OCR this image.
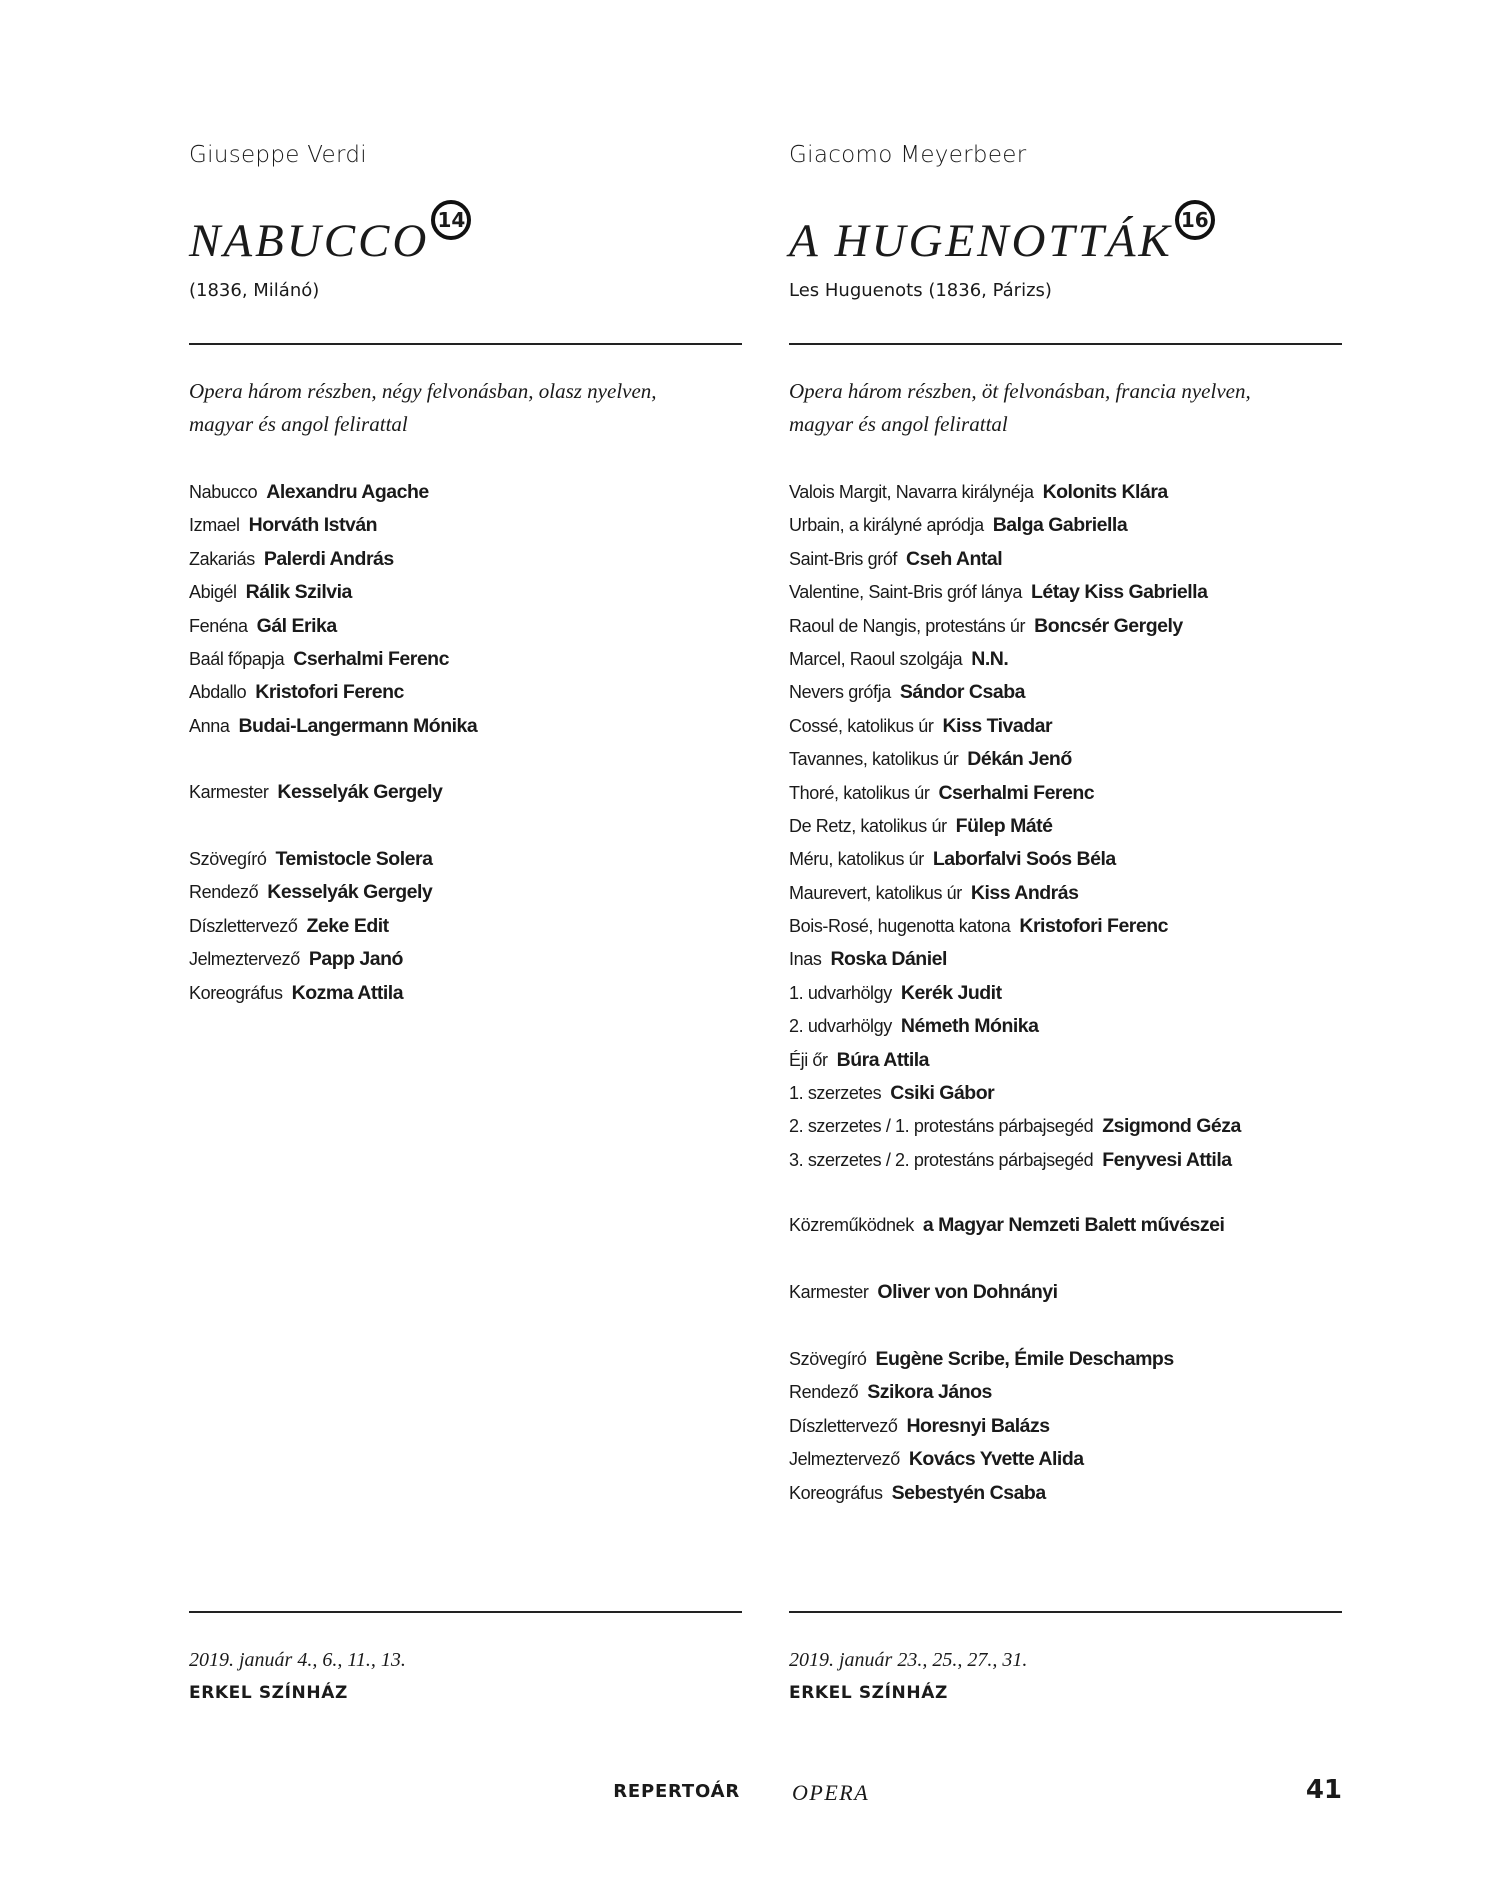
Giuseppe Verdi
NABUCCO 14
(1836, Milánó)
Opera három részben, négy felvonásban, olasz nyelven,
magyar és angol felirattal
Nabucco Alexandru Agache
Izmael Horváth István
Zakariás Palerdi András
Abigél Rálik Szilvia
Fenéna Gál Erika
Baál főpapja Cserhalmi Ferenc
Abdallo Kristofori Ferenc
Anna Budai-Langermann Mónika
Karmester Kesselyák Gergely
Szövegíró Temistocle Solera
Rendező Kesselyák Gergely
Díszlettervező Zeke Edit
Jelmeztervező Papp Janó
Koreográfus Kozma Attila
2019. január 4., 6., 11., 13.
ERKEL SZÍNHÁZ
Giacomo Meyerbeer
A HUGENOTTÁK 16
Les Huguenots (1836, Párizs)
Opera három részben, öt felvonásban, francia nyelven,
magyar és angol felirattal
Valois Margit, Navarra királynéja Kolonits Klára
Urbain, a királyné apródja Balga Gabriella
Saint-Bris gróf Cseh Antal
Valentine, Saint-Bris gróf lánya Létay Kiss Gabriella
Raoul de Nangis, protestáns úr Boncsér Gergely
Marcel, Raoul szolgája N.N.
Nevers grófja Sándor Csaba
Cossé, katolikus úr Kiss Tivadar
Tavannes, katolikus úr Dékán Jenő
Thoré, katolikus úr Cserhalmi Ferenc
De Retz, katolikus úr Fülep Máté
Méru, katolikus úr Laborfalvi Soós Béla
Maurevert, katolikus úr Kiss András
Bois-Rosé, hugenotta katona Kristofori Ferenc
Inas Roska Dániel
1. udvarhölgy Kerék Judit
2. udvarhölgy Németh Mónika
Éji őr Búra Attila
1. szerzetes Csiki Gábor
2. szerzetes / 1. protestáns párbajsegéd Zsigmond Géza
3. szerzetes / 2. protestáns párbajsegéd Fenyvesi Attila
Közreműködnek a Magyar Nemzeti Balett művészei
Karmester Oliver von Dohnányi
Szövegíró Eugène Scribe, Émile Deschamps
Rendező Szikora János
Díszlettervező Horesnyi Balázs
Jelmeztervező Kovács Yvette Alida
Koreográfus Sebestyén Csaba
2019. január 23., 25., 27., 31.
ERKEL SZÍNHÁZ
REPERTOÁR OPERA	41
